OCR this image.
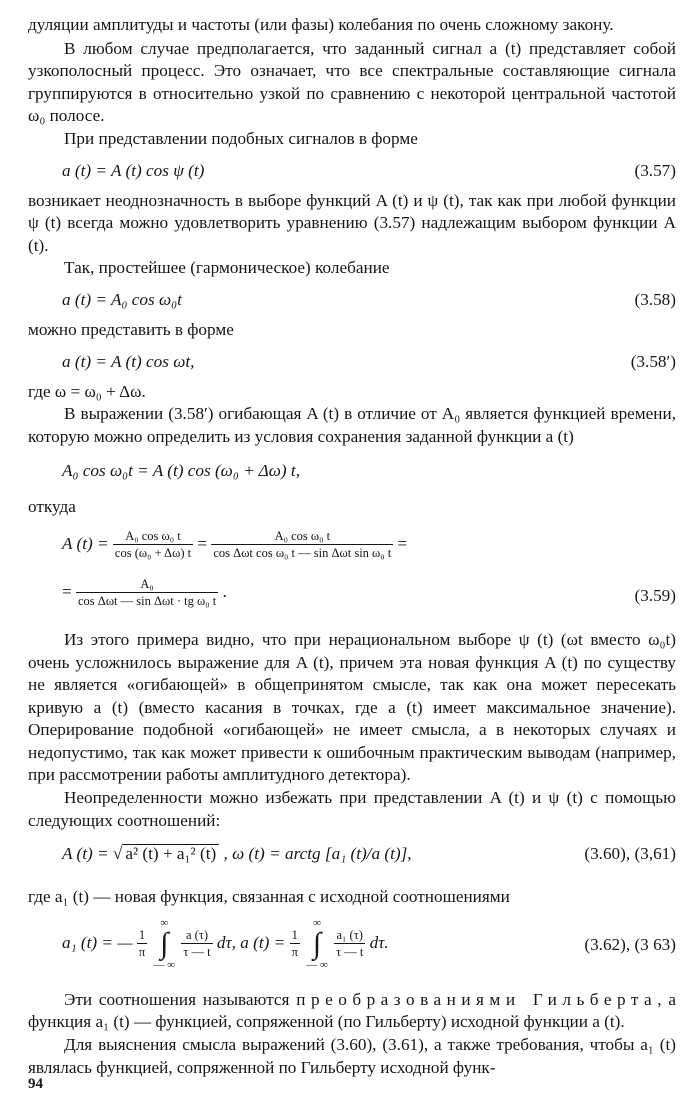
дуляции амплитуды и частоты (или фазы) колебания по очень сложному закону.

В любом случае предполагается, что заданный сигнал a (t) представляет собой узкополосный процесс. Это означает, что все спектральные составляющие сигнала группируются в относительно узкой по сравнению с некоторой центральной частотой ω₀ полосе.

При представлении подобных сигналов в форме

a (t) = A (t) cos ψ (t)	(3.57)

возникает неоднозначность в выборе функций A (t) и ψ (t), так как при любой функции ψ (t) всегда можно удовлетворить уравнению (3.57) надлежащим выбором функции A (t).

Так, простейшее (гармоническое) колебание

a (t) = A₀ cos ω₀t	(3.58)

можно представить в форме

a (t) = A (t) cos ωt,	(3.58′)

где ω = ω₀ + Δω.

В выражении (3.58′) огибающая A (t) в отличие от A₀ является функцией времени, которую можно определить из условия сохранения заданной функции a (t)

A₀ cos ω₀t = A (t) cos (ω₀ + Δω) t,

откуда

A $(t) = \frac{\text{A₀ cos ω₀ t}}{\text{cos (ω₀ + Δω) t}} = \frac{\text{A₀ cos ω₀ t}}{\text{cos Δωt cos ω₀ t — sin Δωt sin ω₀ t}}$ =
= $\frac{\text{A₀}}{\text{cos Δωt — sin Δωt · tg ω₀ t}}$ .	(3.59)

Из этого примера видно, что при нерациональном выборе ψ (t) (ωt вместо ω₀t) очень усложнилось выражение для A (t), причем эта новая функция A (t) по существу не является «огибающей» в общепринятом смысле, так как она может пересекать кривую a (t) (вместо касания в точках, где a (t) имеет максимальное значение). Оперирование подобной «огибающей» не имеет смысла, а в некоторых случаях и недопустимо, так как может привести к ошибочным практическим выводам (например, при рассмотрении работы амплитудного детектора).

Неопределенности можно избежать при представлении A (t) и ψ (t) с помощью следующих соотношений:

A (t) = √ a² (t) + a₁² (t) , ω (t) = arctg [a₁ (t)/a (t)],	(3.60), (3,61)

где a₁ (t) — новая функция, связанная с исходной соотношениями

a₁ (t) = — $\frac{1}{\pi}$

∞
∫
— ∞

$\frac{a (\tau)}{\tau — t} d\tau$, a $(t) = \frac{1}{\pi}$

∞
∫
— ∞

$\frac{\text{a₁ (τ)}}{\tau — t} d\tau$.	(3.62), (3 63)

Эти соотношения называются преобразованиями Гильберта, а функция a₁ (t) — функцией, сопряженной (по Гильберту) исходной функции a (t).

Для выяснения смысла выражений (3.60), (3.61), а также требования, чтобы a₁ (t) являлась функцией, сопряженной по Гильберту исходной функ-

94
